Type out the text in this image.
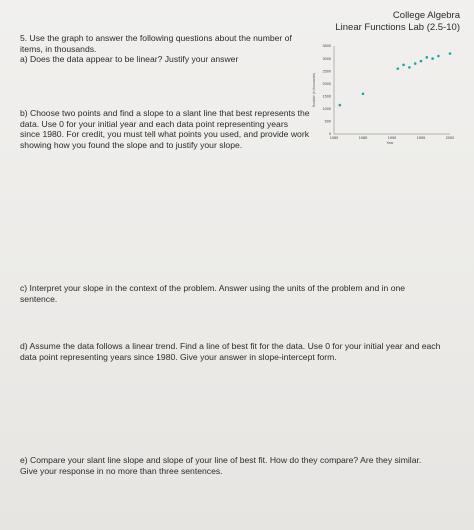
College Algebra
Linear Functions Lab (2.5-10)

5. Use the graph to answer the following questions about the number of items, in thousands.

a) Does the data appear to be linear? Justify your answer

b) Choose two points and find a slope to a slant line that best represents the data. Use 0 for your initial year and each data point representing years since 1980. For credit, you must tell what points you used, and provide work showing how you found the slope and to justify your slope.

c) Interpret your slope in the context of the problem. Answer using the units of the problem and in one sentence.

d) Assume the data follows a linear trend. Find a line of best fit for the data. Use 0 for your initial year and each data point representing years since 1980. Give your answer in slope-intercept form.

e) Compare your slant line slope and slope of your line of best fit. How do they compare? Are they similar. Give your response in no more than three sentences.

Number (in thousands)
Year
0
500
1000
1500
2000
2500
3000
3500
1980	1985	1990	1995	2000
